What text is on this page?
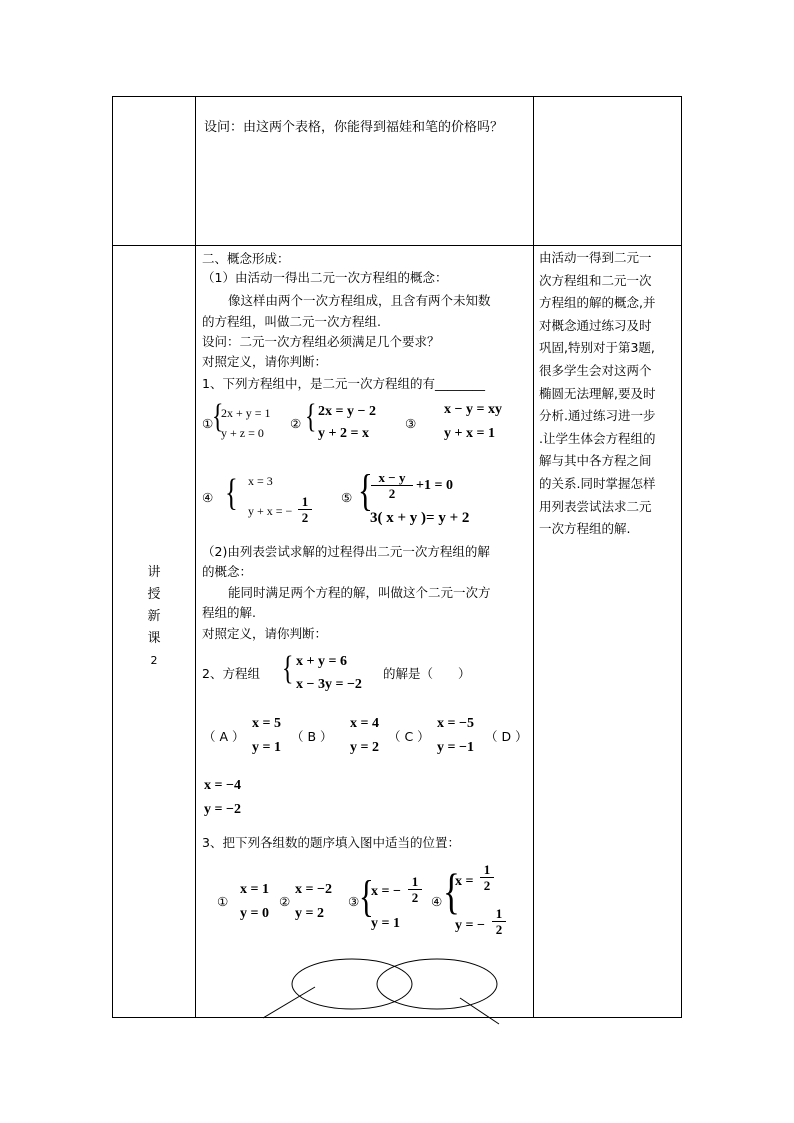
设问：由这两个表格，你能得到福娃和笔的价格吗？
讲
授
新
课
2
二、概念形成：
（1）由活动一得出二元一次方程组的概念：
像这样由两个一次方程组成，且含有两个未知数
的方程组，叫做二元一次方程组.
设问：二元一次方程组必须满足几个要求？
对照定义，请你判断：
1、下列方程组中，是二元一次方程组的有________
①
{
2x + y = 1
y + z = 0
② { 2x = y − 2
y + 2 = x
③
x − y = xy
y + x = 1
④ { x = 3
y + x = − $\frac{1}{2}$ ⑤ {
$\frac{x - y}{2} +1 = 0$
3( x + y )= y + 2
（2)由列表尝试求解的过程得出二元一次方程组的解
的概念：
能同时满足两个方程的解，叫做这个二元一次方
程组的解.
对照定义，请你判断：
2、方程组 { x + y = 6
x − 3y = −2
的解是（　　）
（ A ）
x = 5
y = 1
（ B ）
x = 4
y = 2
（ C ）
x = −5
y = −1
（ D ）
x = −4
y = −2
3、把下列各组数的题序填入图中适当的位置：
①
x = 1
y = 0
②
x = −2
y = 2
③ {
x = − $\frac{1}{2}$
y = 1
④ {
$x = \frac{1}{2}$
y = − $\frac{1}{2}$
由活动一得到二元一
次方程组和二元一次
方程组的解的概念,并
对概念通过练习及时
巩固,特别对于第3题,
很多学生会对这两个
椭圆无法理解,要及时
分析.通过练习进一步
.让学生体会方程组的
解与其中各方程之间
的关系.同时掌握怎样
用列表尝试法求二元
一次方程组的解.
